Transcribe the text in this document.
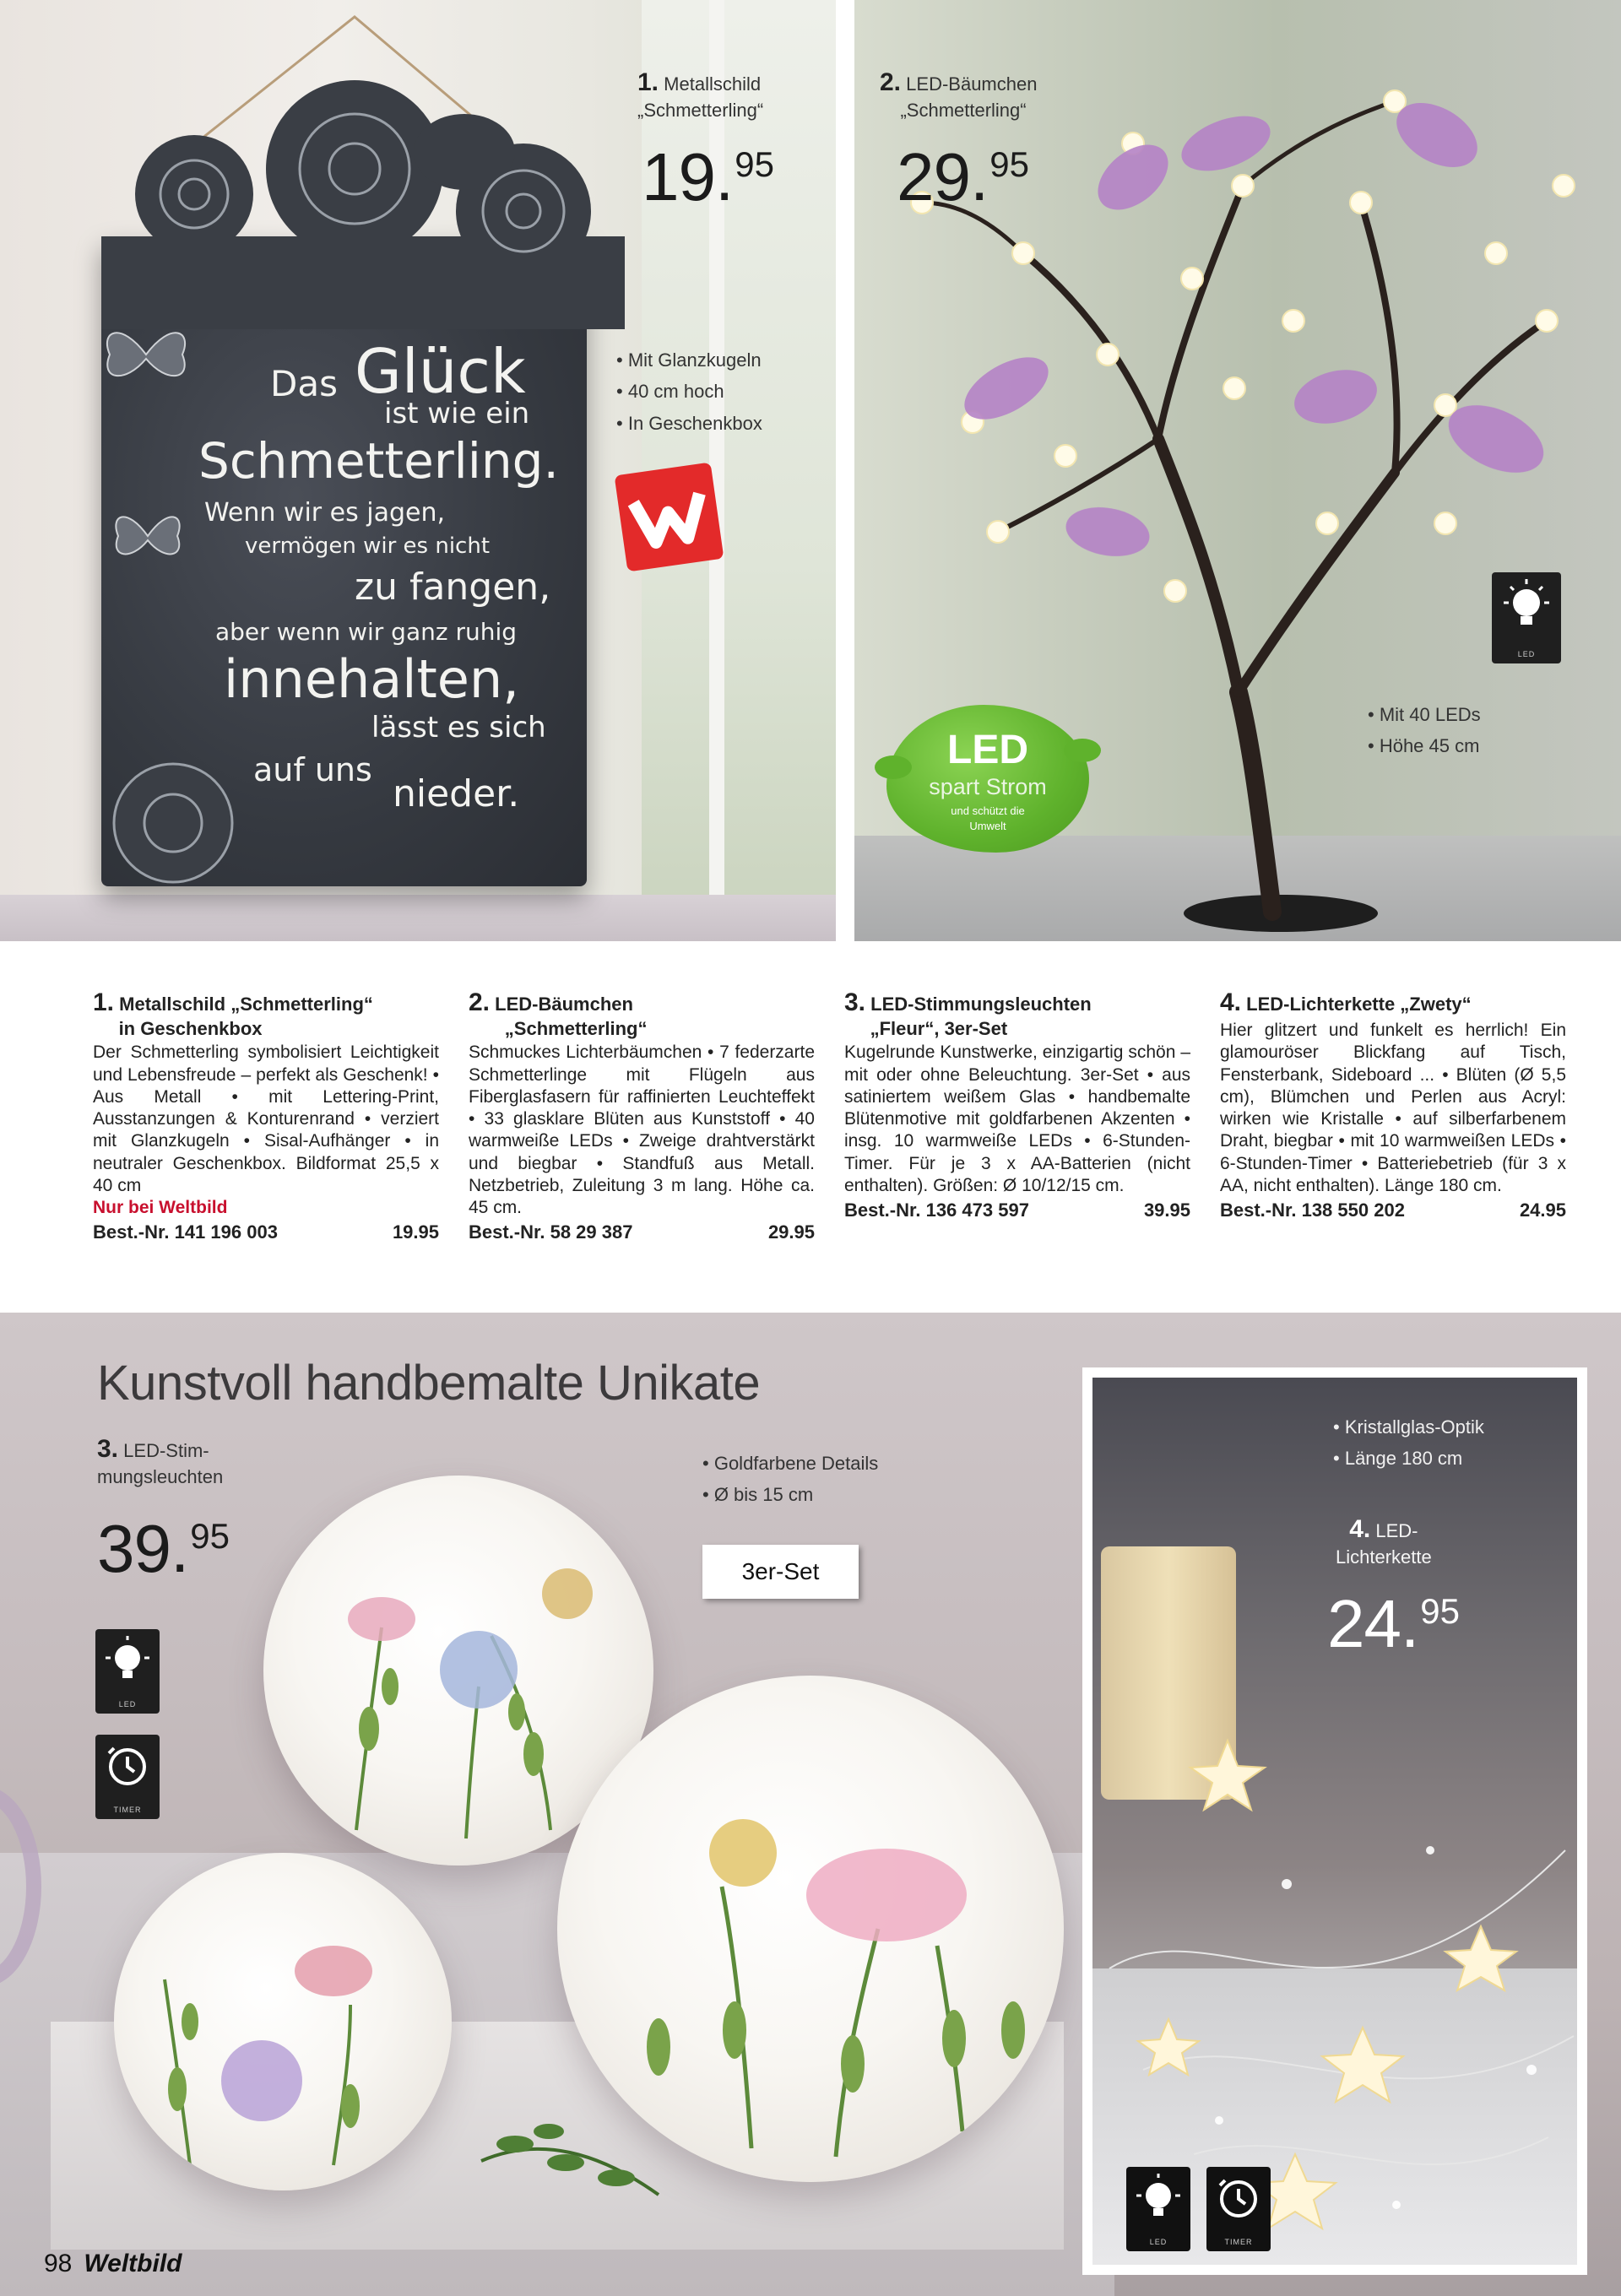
Das Glück
ist wie ein
Schmetterling.
Wenn wir es jagen,
vermögen wir es nicht
zu fangen,
aber wenn wir ganz ruhig
innehalten,
lässt es sich
auf uns
nieder.
1. Metallschild
„Schmetterling“
19.95
• Mit Glanzkugeln
• 40 cm hoch
• In Geschenkbox
LED
spart Strom
und schützt die
Umwelt
LED
2. LED-Bäumchen
„Schmetterling“
29.95
• Mit 40 LEDs
• Höhe 45 cm
1. Metallschild „Schmetterling“
in Geschenkbox
Der Schmetterling symbolisiert Leichtigkeit und Lebensfreude – perfekt als Geschenk! • Aus Metall • mit Lettering-Print, Ausstanzungen & Konturenrand • verziert mit Glanzkugeln • Sisal-Aufhänger • in neutraler Geschenkbox. Bildformat 25,5 x 40 cm
Nur bei Weltbild
Best.-Nr. 141 196 003	19.95
2. LED-Bäumchen
„Schmetterling“
Schmuckes Lichterbäumchen • 7 federzarte Schmetterlinge mit Flügeln aus Fiberglasfasern für raffinierten Leuchteffekt • 33 glasklare Blüten aus Kunststoff • 40 warmweiße LEDs • Zweige drahtverstärkt und biegbar • Standfuß aus Metall. Netzbetrieb, Zuleitung 3 m lang. Höhe ca. 45 cm.
Best.-Nr. 58 29 387	29.95
3. LED-Stimmungsleuchten
„Fleur“, 3er-Set
Kugelrunde Kunstwerke, einzigartig schön – mit oder ohne Beleuchtung. 3er-Set • aus satiniertem weißem Glas • handbemalte Blütenmotive mit goldfarbenen Akzenten • insg. 10 warmweiße LEDs • 6-Stunden-Timer. Für je 3 x AA-Batterien (nicht enthalten). Größen: Ø 10/12/15 cm.
Best.-Nr. 136 473 597	39.95
4. LED-Lichterkette „Zwety“
Hier glitzert und funkelt es herrlich! Ein glamouröser Blickfang auf Tisch, Fensterbank, Sideboard ... • Blüten (Ø 5,5 cm), Blümchen und Perlen aus Acryl: wirken wie Kristalle • auf silberfarbenem Draht, biegbar • mit 10 warmweißen LEDs • 6-Stunden-Timer • Batteriebetrieb (für 3 x AA, nicht enthalten). Länge 180 cm.
Best.-Nr. 138 550 202	24.95
Kunstvoll handbemalte Unikate
3er-Set
3. LED-Stim-
mungsleuchten
39.95
• Goldfarbene Details
• Ø bis 15 cm
LED
TIMER
• Kristallglas-Optik
• Länge 180 cm
4. LED-
Lichterkette
24.95
LED	TIMER
98 Weltbild
